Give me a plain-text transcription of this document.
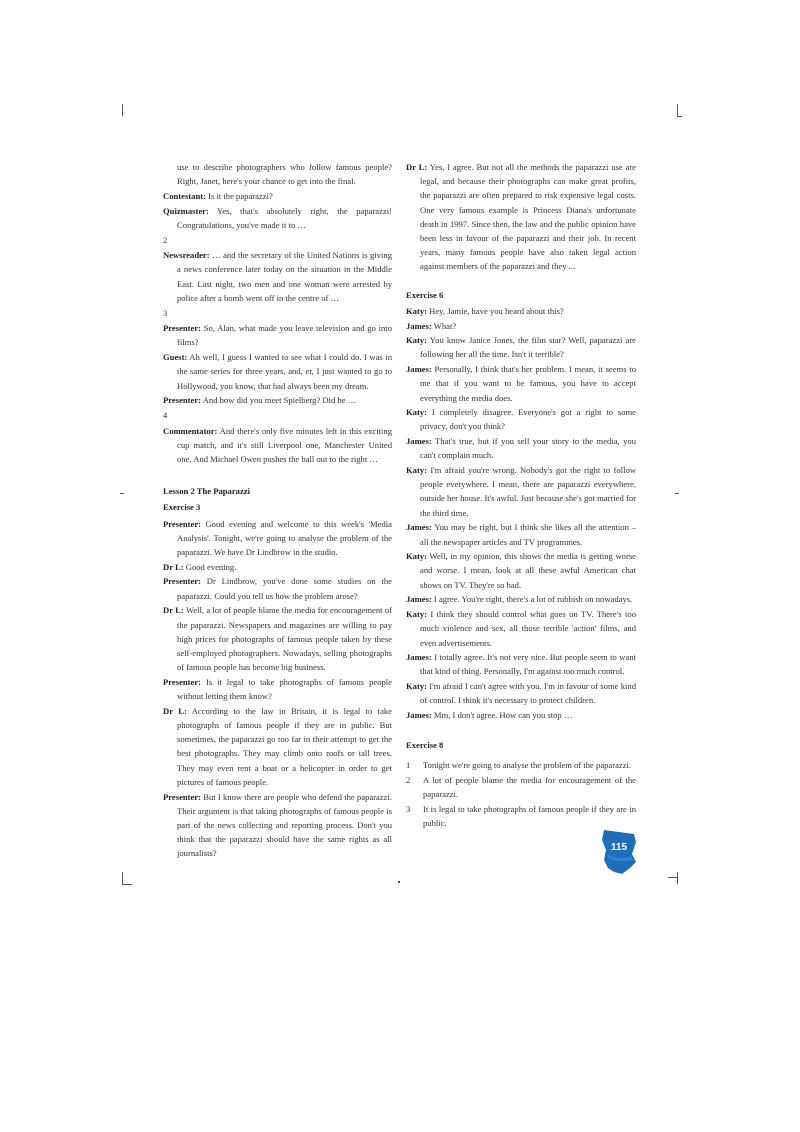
use to describe photographers who follow famous people? Right, Janet, here's your chance to get into the final.
Contestant: Is it the paparazzi?
Quizmaster: Yes, that's absolutely right, the paparazzi! Congratulations, you've made it to …
2
Newsreader: … and the secretary of the United Nations is giving a news conference later today on the situation in the Middle East. Last night, two men and one woman were arrested by police after a bomb went off in the centre of …
3
Presenter: So, Alan, what made you leave television and go into films?
Guest: Ah well, I guess I wanted to see what I could do. I was in the same series for three years, and, er, I just wanted to go to Hollywood, you know, that had always been my dream.
Presenter: And how did you meet Spielberg? Did he …
4
Commentator: And there's only five minutes left in this exciting cup match, and it's still Liverpool one, Manchester United one. And Michael Owen pushes the ball out to the right …
Lesson 2 The Paparazzi
Exercise 3
Presenter: Good evening and welcome to this week's 'Media Analysis'. Tonight, we're going to analyse the problem of the paparazzi. We have Dr Lindbrow in the studio.
Dr L: Good evening.
Presenter: Dr Lindbrow, you've done some studies on the paparazzi. Could you tell us how the problem arose?
Dr L: Well, a lot of people blame the media for encouragement of the paparazzi. Newspapers and magazines are willing to pay high prices for photographs of famous people taken by these self-employed photographers. Nowadays, selling photographs of famous people has become big business.
Presenter: Is it legal to take photographs of famous people without letting them know?
Dr L: According to the law in Britain, it is legal to take photographs of famous people if they are in public. But sometimes, the paparazzi go too far in their attempt to get the best photographs. They may climb onto roofs or tall trees. They may even rent a boat or a helicopter in order to get pictures of famous people.
Presenter: But I know there are people who defend the paparazzi. Their argument is that taking photographs of famous people is part of the news collecting and reporting process. Don't you think that the paparazzi should have the same rights as all journalists?
Dr L: Yes, I agree. But not all the methods the paparazzi use are legal, and because their photographs can make great profits, the paparazzi are often prepared to risk expensive legal costs. One very famous example is Princess Diana's unfortunate death in 1997. Since then, the law and the public opinion have been less in favour of the paparazzi and their job. In recent years, many famous people have also taken legal action against members of the paparazzi and they ...
Exercise 6
Katy: Hey, Jamie, have you heard about this?
James: What?
Katy: You know Janice Jones, the film star? Well, paparazzi are following her all the time. Isn't it terrible?
James: Personally, I think that's her problem. I mean, it seems to me that if you want to be famous, you have to accept everything the media does.
Katy: I completely disagree. Everyone's got a right to some privacy, don't you think?
James: That's true, but if you sell your story to the media, you can't complain much.
Katy: I'm afraid you're wrong. Nobody's got the right to follow people everywhere. I mean, there are paparazzi everywhere, outside her house. It's awful. Just because she's got married for the third time.
James: You may be right, but I think she likes all the attention – all the newspaper articles and TV programmes.
Katy: Well, in my opinion, this shows the media is getting worse and worse. I mean, look at all these awful American chat shows on TV. They're so bad.
James: I agree. You're right, there's a lot of rubbish on nowadays.
Katy: I think they should control what goes on TV. There's too much violence and sex, all those terrible 'action' films, and even advertisements.
James: I totally agree. It's not very nice. But people seem to want that kind of thing. Personally, I'm against too much control.
Katy: I'm afraid I can't agree with you. I'm in favour of some kind of control. I think it's necessary to protect children.
James: Mm, I don't agree. How can you stop …
Exercise 8
1	Tonight we're going to analyse the problem of the paparazzi.
2	A lot of people blame the media for encouragement of the paparazzi.
3	It is legal to take photographs of famous people if they are in public.
115
